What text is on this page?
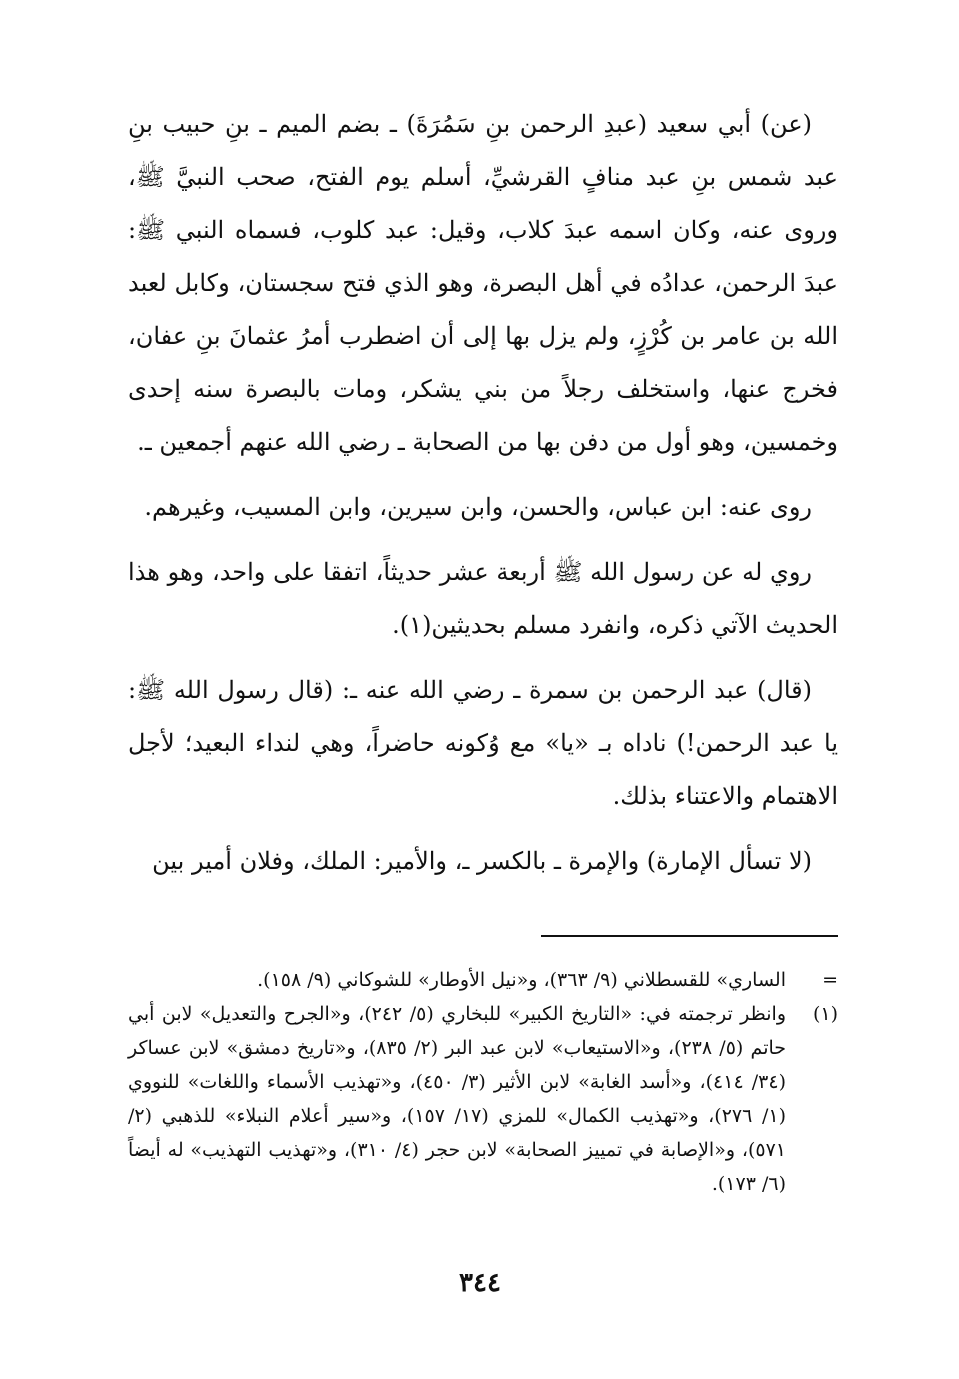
(عن) أبي سعيد (عبدِ الرحمن بنِ سَمُرَةَ) ـ بضم الميم ـ بنِ حبيب بنِ عبد شمس بنِ عبد منافٍ القرشيِّ، أسلم يوم الفتح، صحب النبيَّ ﷺ، وروى عنه، وكان اسمه عبدَ كلاب، وقيل: عبد كلوب، فسماه النبي ﷺ: عبدَ الرحمن، عدادُه في أهل البصرة، وهو الذي فتح سجستان، وكابل لعبد الله بن عامر بن كُرْزٍ، ولم يزل بها إلى أن اضطرب أمرُ عثمانَ بنِ عفان، فخرج عنها، واستخلف رجلاً من بني يشكر، ومات بالبصرة سنه إحدى وخمسين، وهو أول من دفن بها من الصحابة ـ رضي الله عنهم أجمعين ـ.

روى عنه: ابن عباس، والحسن، وابن سيرين، وابن المسيب، وغيرهم.

روي له عن رسول الله ﷺ أربعة عشر حديثاً، اتفقا على واحد، وهو هذا الحديث الآتي ذكره، وانفرد مسلم بحديثين(١).

(قال) عبد الرحمن بن سمرة ـ رضي الله عنه ـ: (قال رسول الله ﷺ: يا عبد الرحمن!) ناداه بـ «يا» مع وُكونه حاضراً، وهي لنداء البعيد؛ لأجل الاهتمام والاعتناء بذلك.

(لا تسأل الإمارة) والإمرة ـ بالكسر ـ، والأمير: الملك، وفلان أمير بين

=
الساري» للقسطلاني (٩/ ٣٦٣)، و«نيل الأوطار» للشوكاني (٩/ ١٥٨).
(١)
وانظر ترجمته في: «التاريخ الكبير» للبخاري (٥/ ٢٤٢)، و«الجرح والتعديل» لابن أبي حاتم (٥/ ٢٣٨)، و«الاستيعاب» لابن عبد البر (٢/ ٨٣٥)، و«تاريخ دمشق» لابن عساكر (٣٤/ ٤١٤)، و«أسد الغابة» لابن الأثير (٣/ ٤٥٠)، و«تهذيب الأسماء واللغات» للنووي (١/ ٢٧٦)، و«تهذيب الكمال» للمزي (١٧/ ١٥٧)، و«سير أعلام النبلاء» للذهبي (٢/ ٥٧١)، و«الإصابة في تمييز الصحابة» لابن حجر (٤/ ٣١٠)، و«تهذيب التهذيب» له أيضاً (٦/ ١٧٣).
٣٤٤
